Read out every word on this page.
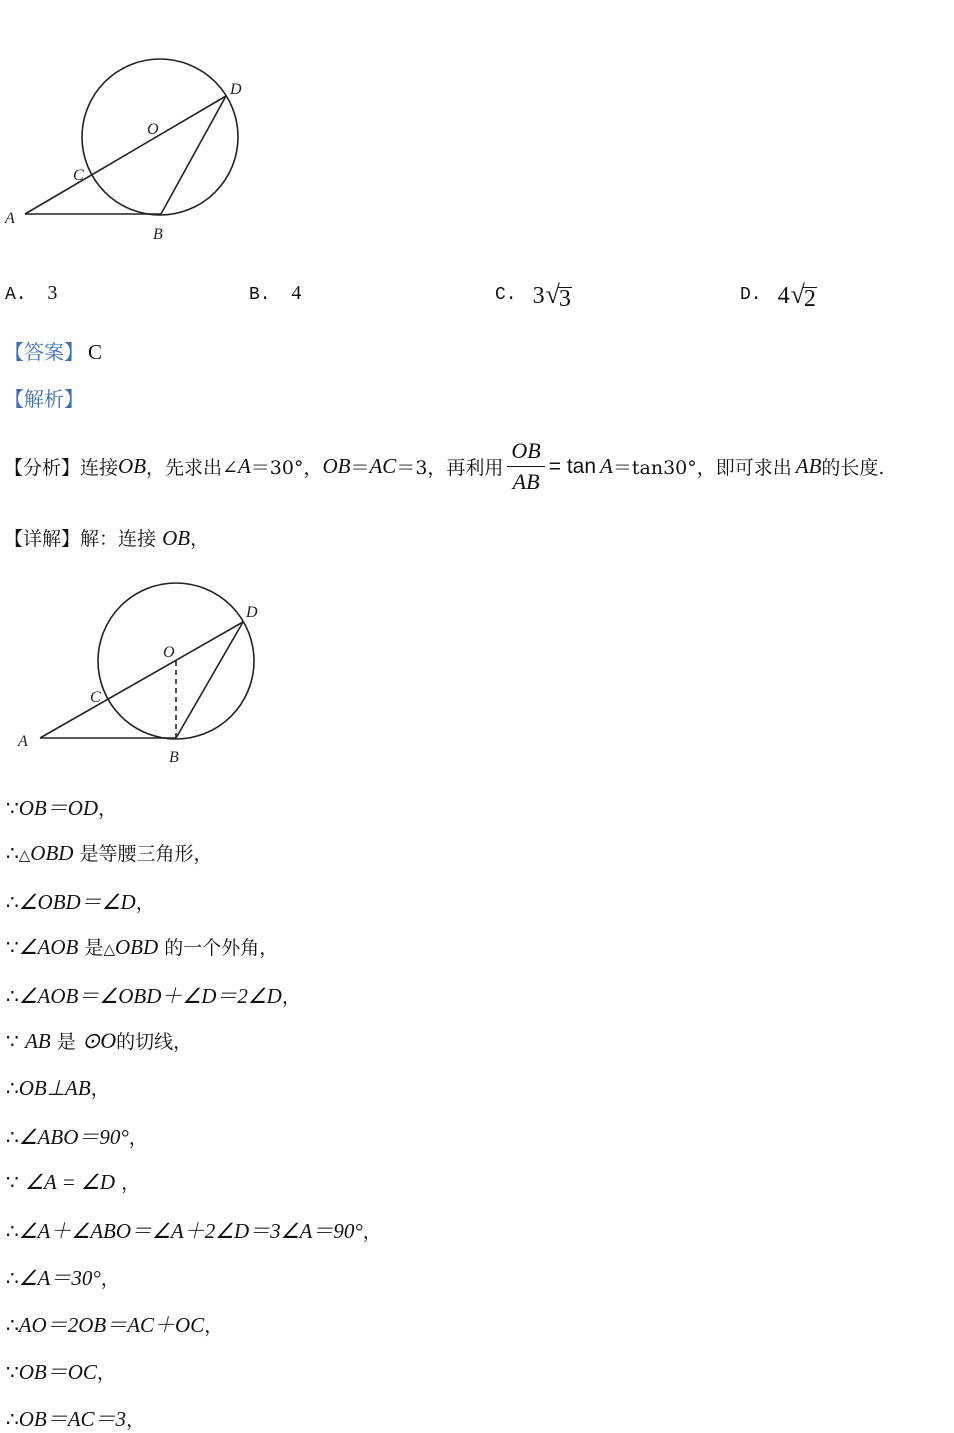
O
C
D
A
B
A. 3	B. 4	C. 3 √ 3	D. 4 √ 2
【答案】 C
【解析】
【分析】 连接 OB ，先求出∠ A ＝30°， OB ＝ AC ＝3，再利用 $\frac{OB}{AB} = \tan A =\tan 30^\circ$，即可求出 AB 的长度.
【详解】解：连接 OB，
O
C
D
A
B
∵OB＝OD，
∴△OBD 是等腰三角形，
∴∠OBD＝∠D，
∵∠AOB 是△OBD 的一个外角，
∴∠AOB＝∠OBD＋∠D＝2∠D，
∵ AB 是 ⊙O的切线，
∴OB⊥AB，
∴∠ABO＝90°，
∵ ∠A = ∠D ，
∴∠A＋∠ABO＝∠A＋2∠D＝3∠A＝90°，
∴∠A＝30°，
∴AO＝2OB＝AC＋OC，
∵OB＝OC，
∴OB＝AC＝3，
